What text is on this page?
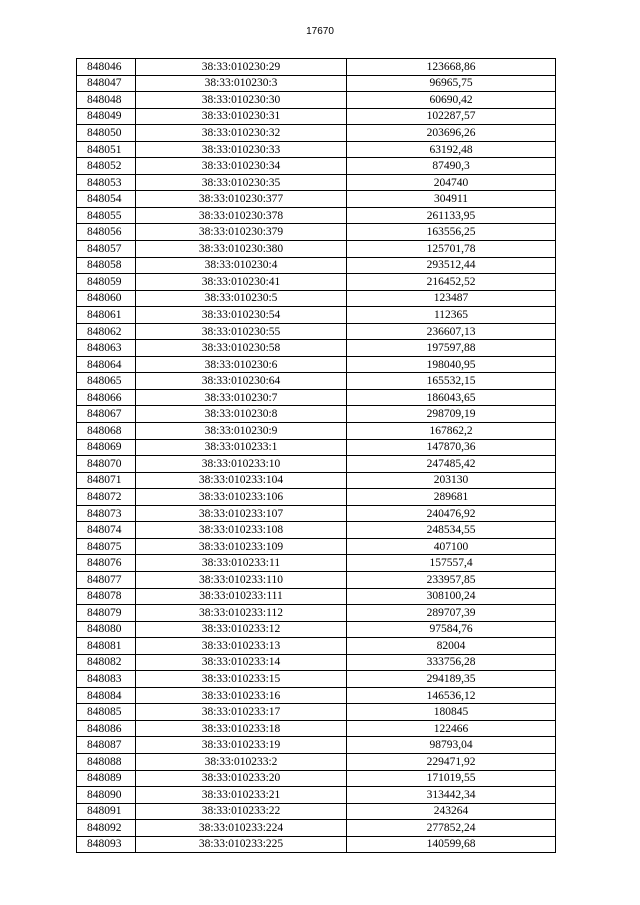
17670
848046	38:33:010230:29	123668,86
848047	38:33:010230:3	96965,75
848048	38:33:010230:30	60690,42
848049	38:33:010230:31	102287,57
848050	38:33:010230:32	203696,26
848051	38:33:010230:33	63192,48
848052	38:33:010230:34	87490,3
848053	38:33:010230:35	204740
848054	38:33:010230:377	304911
848055	38:33:010230:378	261133,95
848056	38:33:010230:379	163556,25
848057	38:33:010230:380	125701,78
848058	38:33:010230:4	293512,44
848059	38:33:010230:41	216452,52
848060	38:33:010230:5	123487
848061	38:33:010230:54	112365
848062	38:33:010230:55	236607,13
848063	38:33:010230:58	197597,88
848064	38:33:010230:6	198040,95
848065	38:33:010230:64	165532,15
848066	38:33:010230:7	186043,65
848067	38:33:010230:8	298709,19
848068	38:33:010230:9	167862,2
848069	38:33:010233:1	147870,36
848070	38:33:010233:10	247485,42
848071	38:33:010233:104	203130
848072	38:33:010233:106	289681
848073	38:33:010233:107	240476,92
848074	38:33:010233:108	248534,55
848075	38:33:010233:109	407100
848076	38:33:010233:11	157557,4
848077	38:33:010233:110	233957,85
848078	38:33:010233:111	308100,24
848079	38:33:010233:112	289707,39
848080	38:33:010233:12	97584,76
848081	38:33:010233:13	82004
848082	38:33:010233:14	333756,28
848083	38:33:010233:15	294189,35
848084	38:33:010233:16	146536,12
848085	38:33:010233:17	180845
848086	38:33:010233:18	122466
848087	38:33:010233:19	98793,04
848088	38:33:010233:2	229471,92
848089	38:33:010233:20	171019,55
848090	38:33:010233:21	313442,34
848091	38:33:010233:22	243264
848092	38:33:010233:224	277852,24
848093	38:33:010233:225	140599,68
